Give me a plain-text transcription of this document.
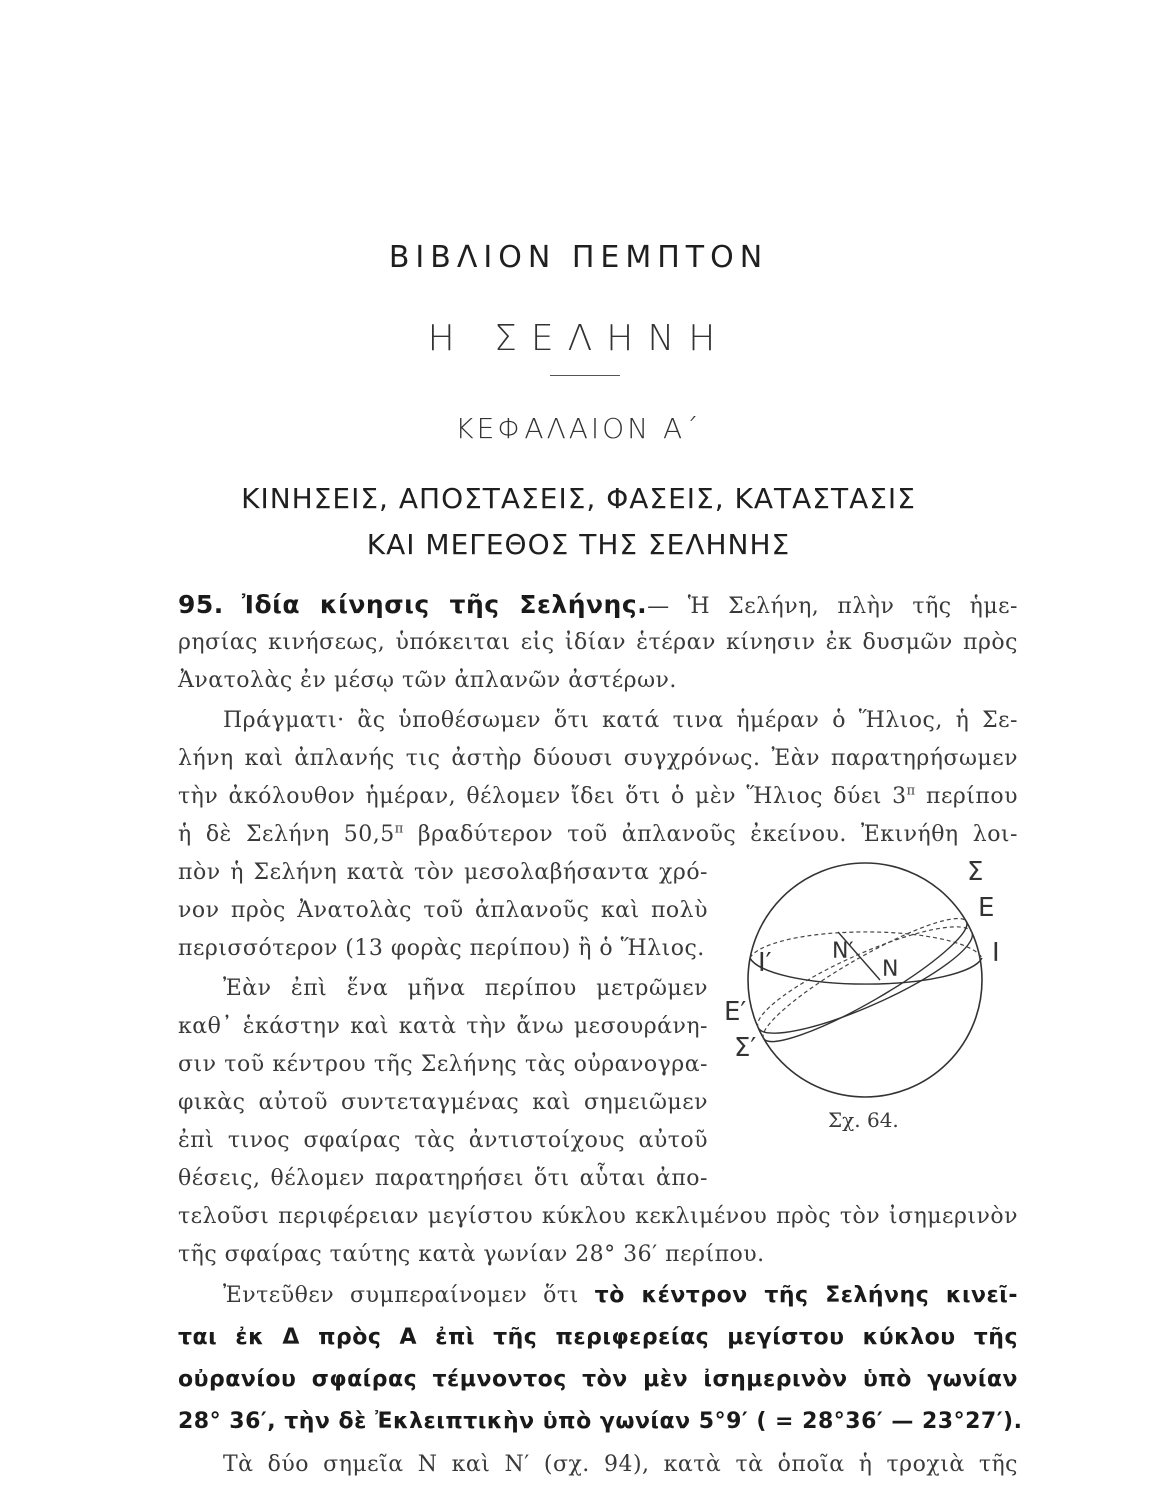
ΒΙΒΛΙΟΝ ΠΕΜΠΤΟΝ
Η ΣΕΛΗΝΗ
ΚΕΦΑΛΑΙΟΝ Α΄
ΚΙΝΗΣΕΙΣ, ΑΠΟΣΤΑΣΕΙΣ, ΦΑΣΕΙΣ, ΚΑΤΑΣΤΑΣΙΣ
ΚΑΙ ΜΕΓΕΘΟΣ ΤΗΣ ΣΕΛΗΝΗΣ
95. Ἰδία κίνησις τῆς Σελήνης.— Ἡ Σελήνη, πλὴν τῆς ἡμε-
ρησίας κινήσεως, ὑπόκειται εἰς ἰδίαν ἑτέραν κίνησιν ἐκ δυσμῶν πρὸς
Ἀνατολὰς ἐν μέσῳ τῶν ἀπλανῶν ἀστέρων.
Πράγματι· ἂς ὑποθέσωμεν ὅτι κατά τινα ἡμέραν ὁ Ἥλιος, ἡ Σε-
λήνη καὶ ἀπλανής τις ἀστὴρ δύουσι συγχρόνως. Ἐὰν παρατηρήσωμεν
τὴν ἀκόλουθον ἡμέραν, θέλομεν ἴδει ὅτι ὁ μὲν Ἥλιος δύει $3^\pi$ περίπου
ἡ δὲ Σελήνη $50,5^\pi$ βραδύτερον τοῦ ἀπλανοῦς ἐκείνου. Ἐκινήθη λοι-
πὸν ἡ Σελήνη κατὰ τὸν μεσολαβήσαντα χρό-
νον πρὸς Ἀνατολὰς τοῦ ἀπλανοῦς καὶ πολὺ
περισσότερον (13 φορὰς περίπου) ἢ ὁ Ἥλιος.
Ἐὰν ἐπὶ ἕνα μῆνα περίπου μετρῶμεν
καθ᾽ ἑκάστην καὶ κατὰ τὴν ἄνω μεσουράνη-
σιν τοῦ κέντρου τῆς Σελήνης τὰς οὐρανογρα-
φικὰς αὐτοῦ συντεταγμένας καὶ σημειῶμεν
ἐπὶ τινος σφαίρας τὰς ἀντιστοίχους αὐτοῦ
θέσεις, θέλομεν παρατηρήσει ὅτι αὗται ἀπο-
τελοῦσι περιφέρειαν μεγίστου κύκλου κεκλιμένου πρὸς τὸν ἰσημερινὸν
τῆς σφαίρας ταύτης κατὰ γωνίαν 28° 36′ περίπου.
Ἐντεῦθεν συμπεραίνομεν ὅτι τὸ κέντρον τῆς Σελήνης κινεῖ-
ται ἐκ Δ πρὸς Α ἐπὶ τῆς περιφερείας μεγίστου κύκλου τῆς
οὐρανίου σφαίρας τέμνοντος τὸν μὲν ἰσημερινὸν ὑπὸ γωνίαν
28° 36′, τὴν δὲ Ἐκλειπτικὴν ὑπὸ γωνίαν 5°9′ ( = 28°36′ — 23°27′).
Τὰ δύο σημεῖα Ν καὶ Ν′ (σχ. 94), κατὰ τὰ ὁποῖα ἡ τροχιὰ τῆς
Σ
Ε
Ι
Ι′
Ε′
Σ′
Ν′
Ν
Σχ. 64.
